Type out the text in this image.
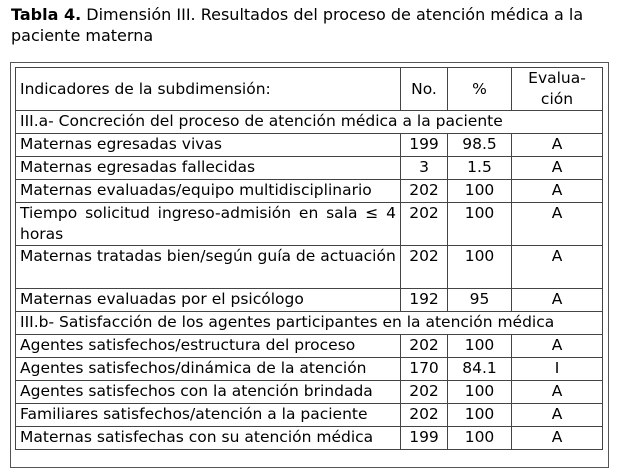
Tabla 4. Dimensión III. Resultados del proceso de atención médica a la paciente materna
Indicadores de la subdimensión:	No.	%	Evalua-
ción
III.a- Concreción del proceso de atención médica a la paciente			
Maternas egresadas vivas	199	98.5	A
Maternas egresadas fallecidas	3	1.5	A
Maternas evaluadas/equipo multidisciplinario	202	100	A
Tiempo solicitud ingreso-admisión en sala ≤ 4 horas	202	100	A
Maternas tratadas bien/según guía de actuación	202	100	A
Maternas evaluadas por el psicólogo	192	95	A
III.b- Satisfacción de los agentes participantes en la atención médica			
Agentes satisfechos/estructura del proceso	202	100	A
Agentes satisfechos/dinámica de la atención	170	84.1	I
Agentes satisfechos con la atención brindada	202	100	A
Familiares satisfechos/atención a la paciente	202	100	A
Maternas satisfechas con su atención médica	199	100	A
